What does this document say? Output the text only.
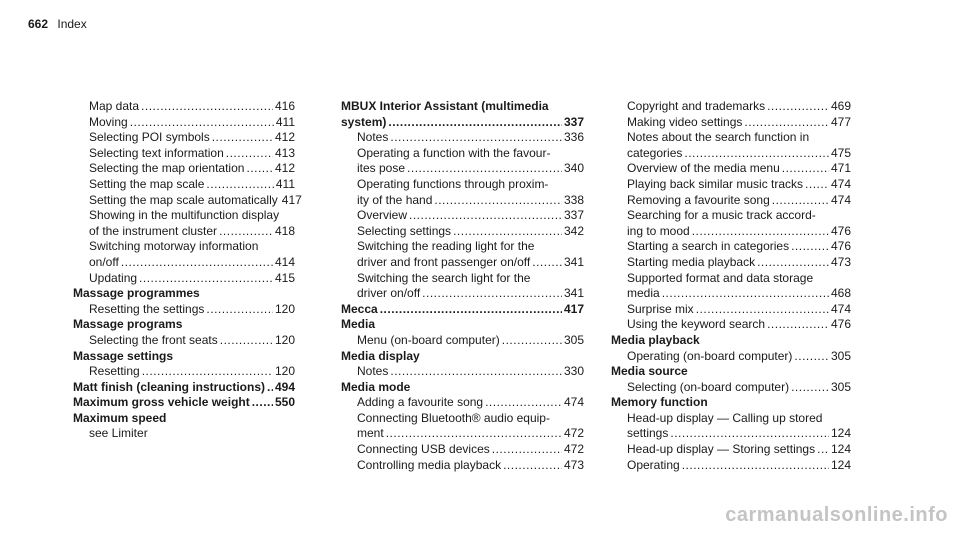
662 Index
Map data .....	416
Moving .....	411
Selecting POI symbols .....	412
Selecting text information .....	413
Selecting the map orientation .....	412
Setting the map scale .....	411
Setting the map scale automatically 417
Showing in the multifunction display
of the instrument cluster .....	418
Switching motorway information
on/off .....	414
Updating .....	415
Massage programmes
Resetting the settings .....	120
Massage programs
Selecting the front seats .....	120
Massage settings
Resetting .....	120
Matt finish (cleaning instructions) ..... 494
Maximum gross vehicle weight ..... 550
Maximum speed
see Limiter
MBUX Interior Assistant (multimedia
system) .....	337
Notes .....	336
Operating a function with the favour-
ites pose .....	340
Operating functions through proxim-
ity of the hand .....	338
Overview .....	337
Selecting settings .....	342
Switching the reading light for the
driver and front passenger on/off .....	341
Switching the search light for the
driver on/off .....	341
Mecca .....	417
Media
Menu (on-board computer) .....	305
Media display
Notes .....	330
Media mode
Adding a favourite song .....	474
Connecting Bluetooth® audio equip-
ment .....	472
Connecting USB devices .....	472
Controlling media playback .....	473
Copyright and trademarks .....	469
Making video settings .....	477
Notes about the search function in
categories .....	475
Overview of the media menu .....	471
Playing back similar music tracks ..... 474
Removing a favourite song .....	474
Searching for a music track accord-
ing to mood .....	476
Starting a search in categories .....	476
Starting media playback .....	473
Supported format and data storage
media .....	468
Surprise mix .....	474
Using the keyword search .....	476
Media playback
Operating (on-board computer) .....	305
Media source
Selecting (on-board computer) .....	305
Memory function
Head-up display — Calling up stored
settings .....	124
Head-up display — Storing settings ..... 124
Operating .....	124
carmanualsonline.info
